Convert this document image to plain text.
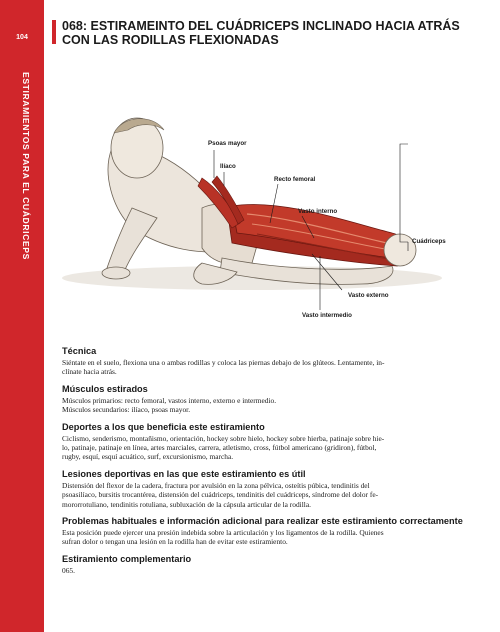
104
ESTIRAMIENTOS PARA EL CUÁDRICEPS
068: ESTIRAMEINTO DEL CUÁDRICEPS INCLINADO HACIA ATRÁS CON LAS RODILLAS FLEXIONADAS
Psoas mayor
Ilíaco
Recto femoral
Vasto interno
Cuádriceps
Vasto externo
Vasto intermedio
Técnica

Siéntate en el suelo, flexiona una o ambas rodillas y coloca las piernas debajo de los glúteos. Lentamente, in-
clínate hacia atrás.

Músculos estirados

Músculos primarios: recto femoral, vastos interno, externo e intermedio.
Músculos secundarios: ilíaco, psoas mayor.

Deportes a los que beneficia este estiramiento

Ciclismo, senderismo, montañismo, orientación, hockey sobre hielo, hockey sobre hierba, patinaje sobre hie-
lo, patinaje, patinaje en línea, artes marciales, carrera, atletismo, cross, fútbol americano (gridiron), fútbol,
rugby, esquí, esquí acuático, surf, excursionismo, marcha.

Lesiones deportivas en las que este estiramiento es útil

Distensión del flexor de la cadera, fractura por avulsión en la zona pélvica, osteítis púbica, tendinitis del
psoasilíaco, bursitis trocantérea, distensión del cuádriceps, tendinitis del cuádriceps, síndrome del dolor fe-
mororrotuliano, tendinitis rotuliana, subluxación de la cápsula articular de la rodilla.

Problemas habituales e información adicional para realizar este estiramiento correctamente

Esta posición puede ejercer una presión indebida sobre la articulación y los ligamentos de la rodilla. Quienes
sufran dolor o tengan una lesión en la rodilla han de evitar este estiramiento.

Estiramiento complementario

065.
